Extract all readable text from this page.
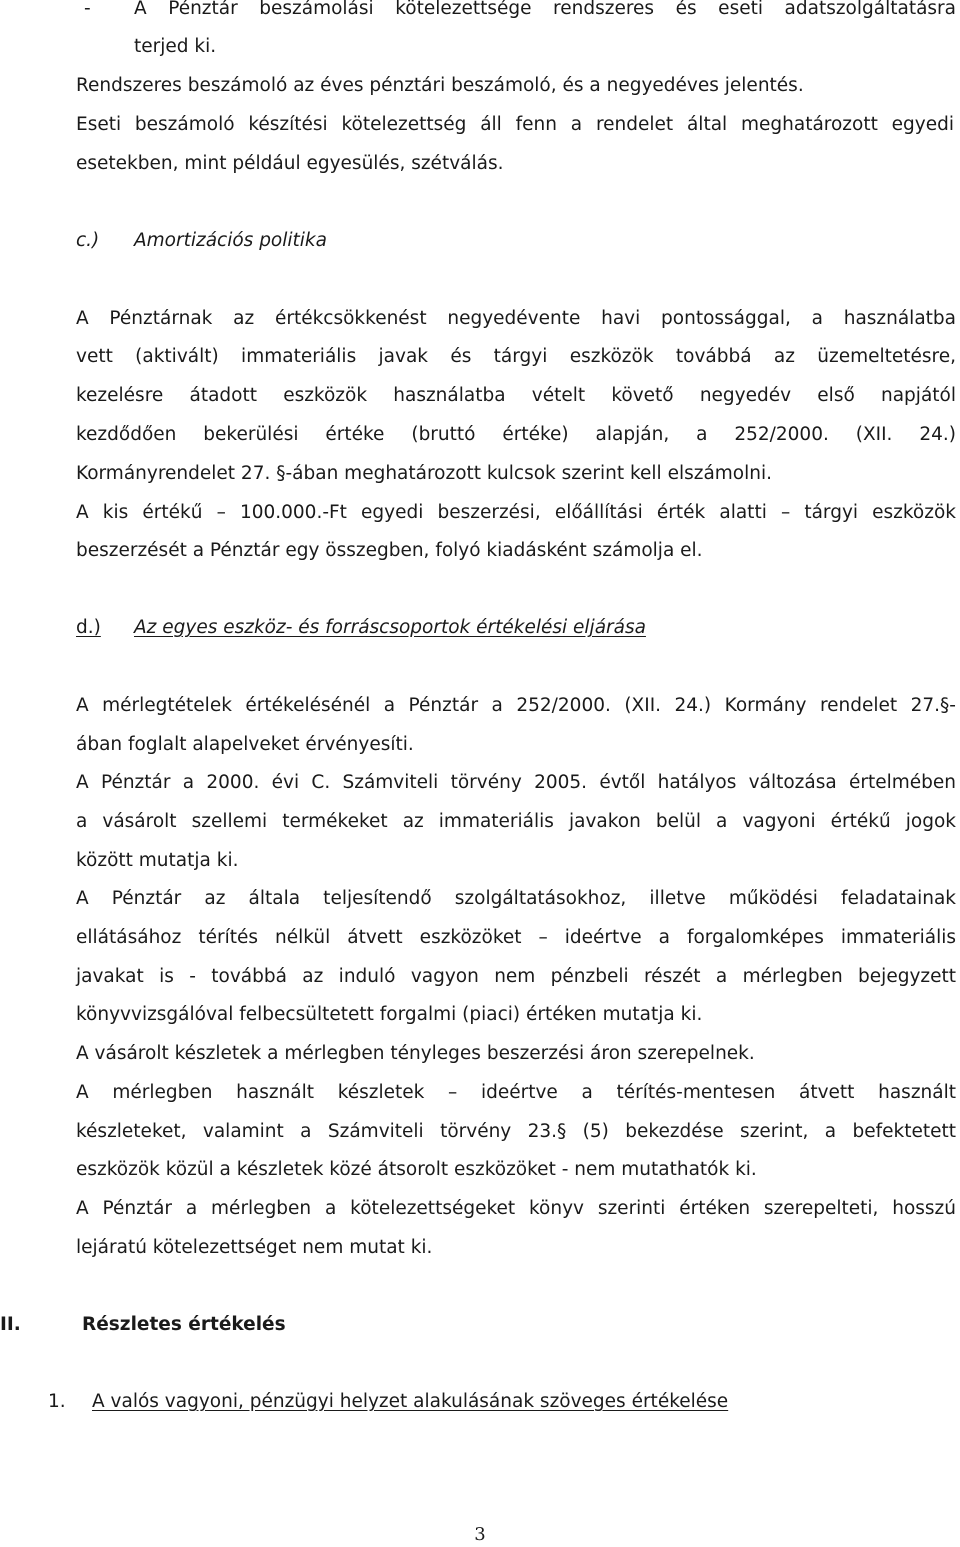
- A Pénztár beszámolási kötelezettsége rendszeres és eseti adatszolgáltatásra
terjed ki.
Rendszeres beszámoló az éves pénztári beszámoló, és a negyedéves jelentés.
Eseti beszámoló készítési kötelezettség áll fenn a rendelet által meghatározott egyedi
esetekben, mint például egyesülés, szétválás.
c.) Amortizációs politika
A Pénztárnak az értékcsökkenést negyedévente havi pontossággal, a használatba
vett (aktivált) immateriális javak és tárgyi eszközök továbbá az üzemeltetésre,
kezelésre átadott eszközök használatba vételt követő negyedév első napjától
kezdődően bekerülési értéke (bruttó értéke) alapján, a 252/2000. (XII. 24.)
Kormányrendelet 27. §-ában meghatározott kulcsok szerint kell elszámolni.
A kis értékű – 100.000.-Ft egyedi beszerzési, előállítási érték alatti – tárgyi eszközök
beszerzését a Pénztár egy összegben, folyó kiadásként számolja el.
d.) Az egyes eszköz- és forráscsoportok értékelési eljárása
A mérlegtételek értékelésénél a Pénztár a 252/2000. (XII. 24.) Kormány rendelet 27.§-
ában foglalt alapelveket érvényesíti.
A Pénztár a 2000. évi C. Számviteli törvény 2005. évtől hatályos változása értelmében
a vásárolt szellemi termékeket az immateriális javakon belül a vagyoni értékű jogok
között mutatja ki.
A Pénztár az általa teljesítendő szolgáltatásokhoz, illetve működési feladatainak
ellátásához térítés nélkül átvett eszközöket – ideértve a forgalomképes immateriális
javakat is - továbbá az induló vagyon nem pénzbeli részét a mérlegben bejegyzett
könyvvizsgálóval felbecsültetett forgalmi (piaci) értéken mutatja ki.
A vásárolt készletek a mérlegben tényleges beszerzési áron szerepelnek.
A mérlegben használt készletek – ideértve a térítés-mentesen átvett használt
készleteket, valamint a Számviteli törvény 23.§ (5) bekezdése szerint, a befektetett
eszközök közül a készletek közé átsorolt eszközöket - nem mutathatók ki.
A Pénztár a mérlegben a kötelezettségeket könyv szerinti értéken szerepelteti, hosszú
lejáratú kötelezettséget nem mutat ki.
II.	Részletes értékelés
1. A valós vagyoni, pénzügyi helyzet alakulásának szöveges értékelése
3
